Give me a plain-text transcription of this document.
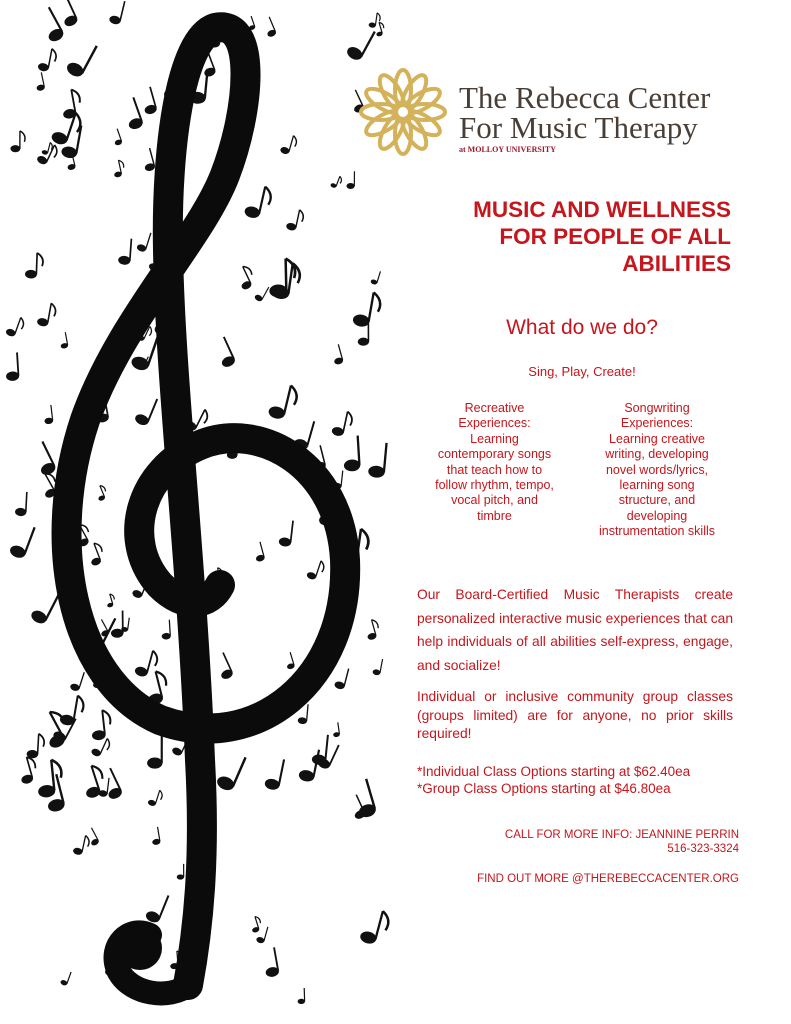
The Rebecca Center
For Music Therapy
at MOLLOY UNIVERSITY
MUSIC AND WELLNESS
FOR PEOPLE OF ALL
ABILITIES
What do we do?
Sing, Play, Create!
Recreative
Experiences:
Learning
contemporary songs
that teach how to
follow rhythm, tempo,
vocal pitch, and
timbre
Songwriting
Experiences:
Learning creative
writing, developing
novel words/lyrics,
learning song
structure, and
developing
instrumentation skills
Our Board-Certified Music Therapists create personalized interactive music experiences that can help individuals of all abilities self-express, engage, and socialize!
Individual or inclusive community group classes (groups limited) are for anyone, no prior skills required!
*Individual Class Options starting at $62.40ea
*Group Class Options starting at $46.80ea
CALL FOR MORE INFO: JEANNINE PERRIN
516-323-3324
FIND OUT MORE @THEREBECCACENTER.ORG
